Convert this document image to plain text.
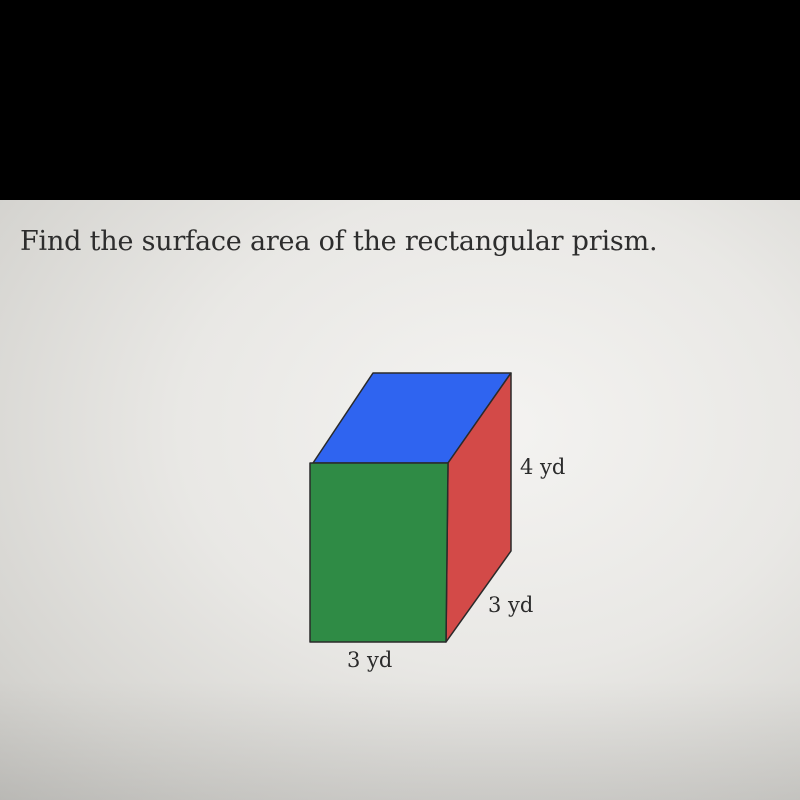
Find the surface area of the rectangular prism.

4 yd
3 yd
3 yd
